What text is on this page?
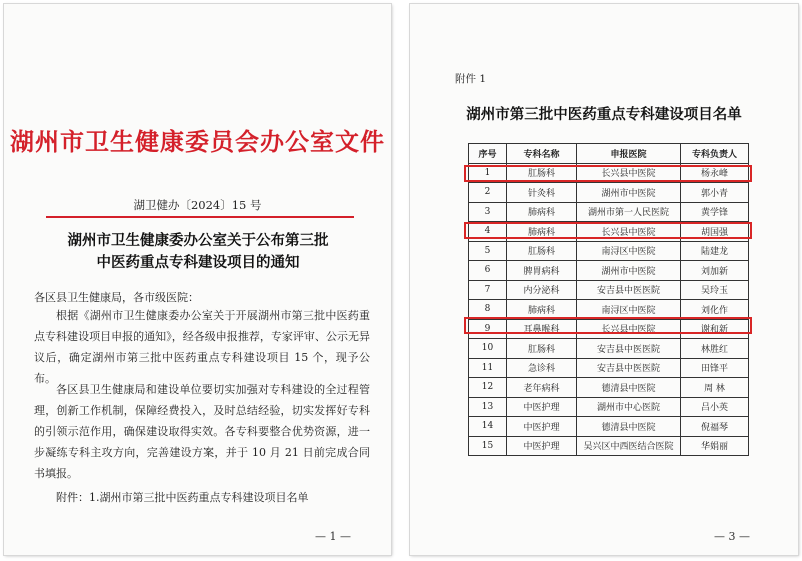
湖州市卫生健康委员会办公室文件
湖卫健办〔2024〕15 号
湖州市卫生健康委办公室关于公布第三批
中医药重点专科建设项目的通知
各区县卫生健康局，各市级医院：
根据《湖州市卫生健康委办公室关于开展湖州市第三批中医药重点专科建设项目申报的通知》，经各级申报推荐，专家评审、公示无异议后，确定湖州市第三批中医药重点专科建设项目 15 个，现予公布。
各区县卫生健康局和建设单位要切实加强对专科建设的全过程管理，创新工作机制，保障经费投入，及时总结经验，切实发挥好专科的引领示范作用，确保建设取得实效。各专科要整合优势资源，进一步凝练专科主攻方向，完善建设方案，并于 10 月 21 日前完成合同书填报。
附件：1.湖州市第三批中医药重点专科建设项目名单
— 1 —
附件 1
湖州市第三批中医药重点专科建设项目名单
序号	专科名称	申报医院	专科负责人
1	肛肠科	长兴县中医院	杨永峰
2	针灸科	湖州市中医院	郭小青
3	肺病科	湖州市第一人民医院	黄学锋
4	肺病科	长兴县中医院	胡国强
5	肛肠科	南浔区中医院	陆建龙
6	脾胃病科	湖州市中医院	刘加新
7	内分泌科	安吉县中医医院	吴玲玉
8	肺病科	南浔区中医院	刘化作
9	耳鼻喉科	长兴县中医院	谢和新
10	肛肠科	安吉县中医医院	林胜红
11	急诊科	安吉县中医医院	田锋平
12	老年病科	德清县中医院	周 林
13	中医护理	湖州市中心医院	吕小英
14	中医护理	德清县中医院	倪福琴
15	中医护理	吴兴区中西医结合医院	华娟丽
— 3 —
